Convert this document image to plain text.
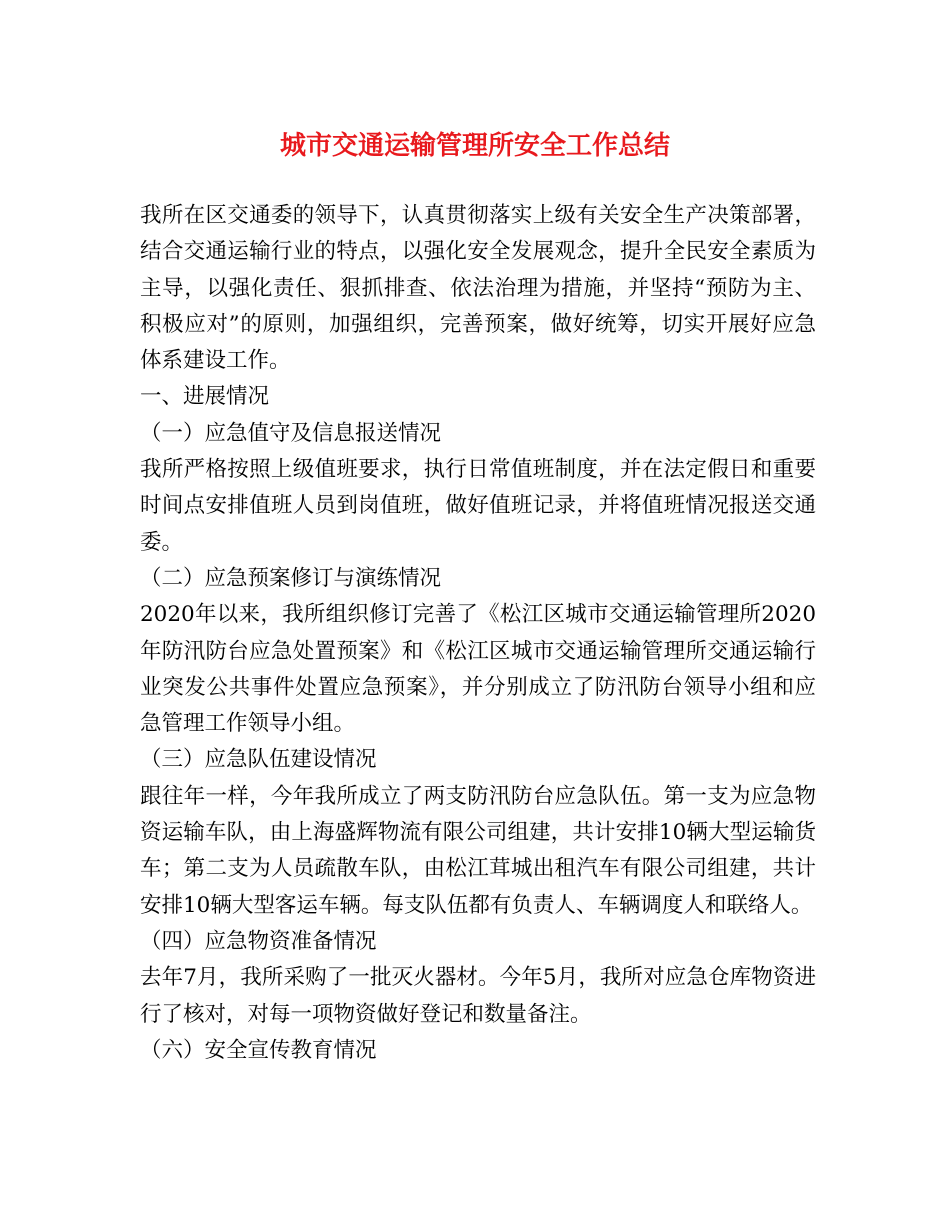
城市交通运输管理所安全工作总结

我所在区交通委的领导下，认真贯彻落实上级有关安全生产决策部署，结合交通运输行业的特点，以强化安全发展观念，提升全民安全素质为主导，以强化责任、狠抓排查、依法治理为措施，并坚持“预防为主、积极应对”的原则，加强组织，完善预案，做好统筹，切实开展好应急体系建设工作。

一、进展情况

（一）应急值守及信息报送情况

我所严格按照上级值班要求，执行日常值班制度，并在法定假日和重要时间点安排值班人员到岗值班，做好值班记录，并将值班情况报送交通委。

（二）应急预案修订与演练情况

2020年以来，我所组织修订完善了《松江区城市交通运输管理所2020年防汛防台应急处置预案》和《松江区城市交通运输管理所交通运输行业突发公共事件处置应急预案》，并分别成立了防汛防台领导小组和应急管理工作领导小组。

（三）应急队伍建设情况

跟往年一样，今年我所成立了两支防汛防台应急队伍。第一支为应急物资运输车队，由上海盛辉物流有限公司组建，共计安排10辆大型运输货车；第二支为人员疏散车队，由松江茸城出租汽车有限公司组建，共计安排10辆大型客运车辆。每支队伍都有负责人、车辆调度人和联络人。

（四）应急物资准备情况

去年7月，我所采购了一批灭火器材。今年5月，我所对应急仓库物资进行了核对，对每一项物资做好登记和数量备注。

（六）安全宣传教育情况
